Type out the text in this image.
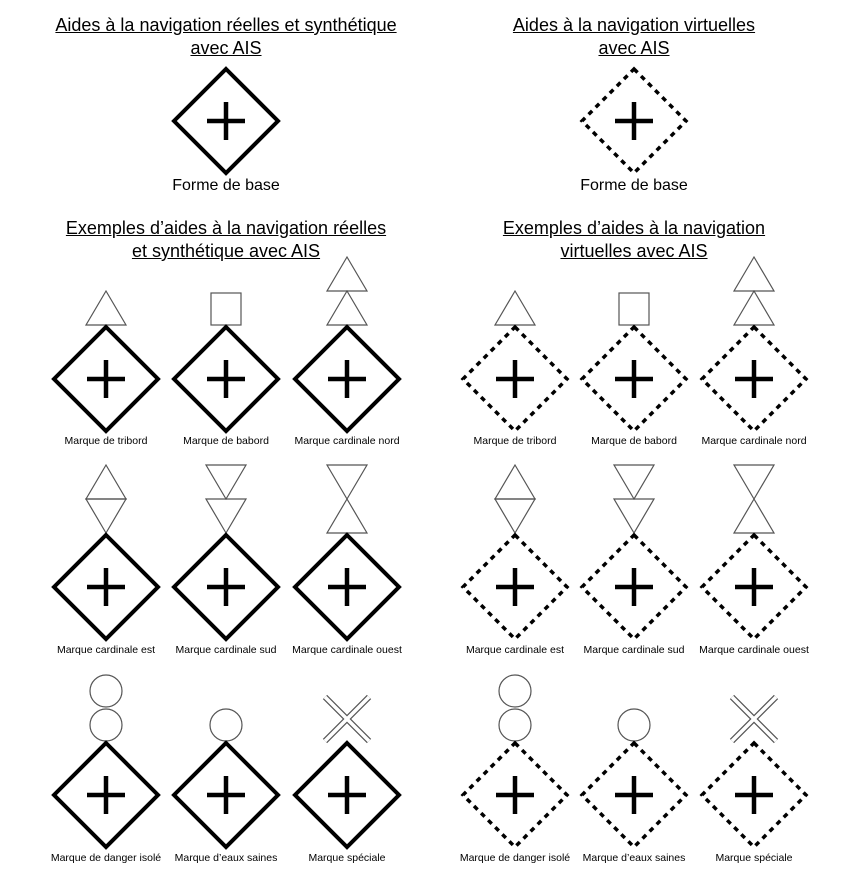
Aides à la navigation réelles et synthétique
avec AIS
Aides à la navigation virtuelles
avec AIS
Exemples d’aides à la navigation réelles
et synthétique avec AIS
Exemples d’aides à la navigation
virtuelles avec AIS
Forme de base	Forme de base
Marque de tribord	Marque de babord	Marque cardinale nord
Marque cardinale est	Marque cardinale sud	Marque cardinale ouest
Marque de danger isolé	Marque d’eaux saines	Marque spéciale
Marque de tribord	Marque de babord	Marque cardinale nord
Marque cardinale est	Marque cardinale sud	Marque cardinale ouest
Marque de danger isolé	Marque d’eaux saines	Marque spéciale
